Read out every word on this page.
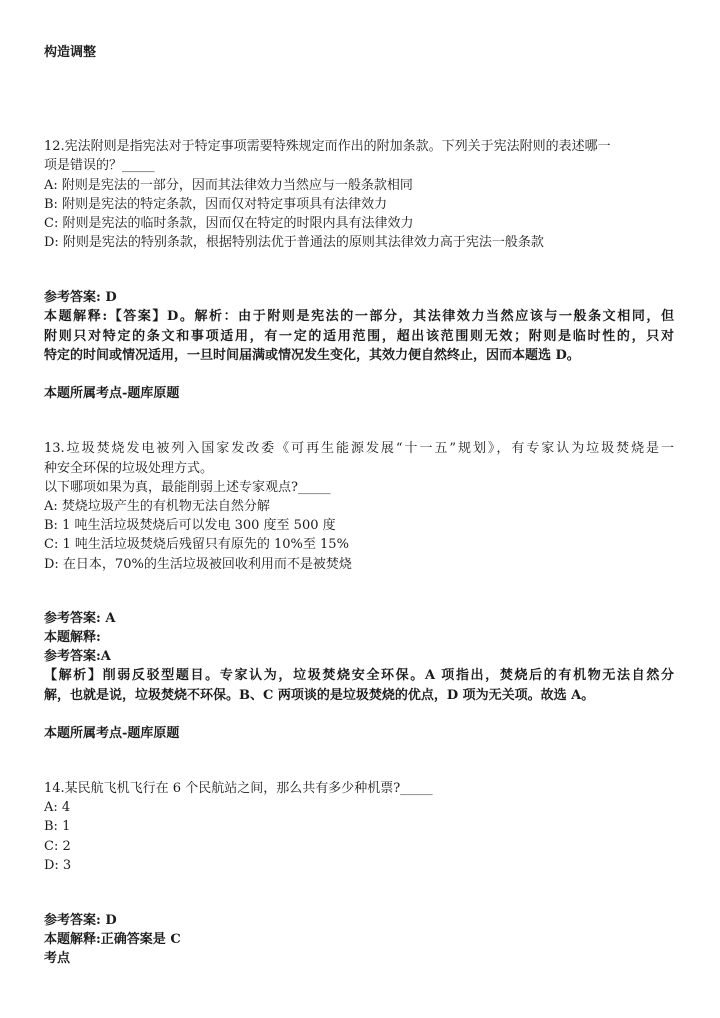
构造调整
12.宪法附则是指宪法对于特定事项需要特殊规定而作出的附加条款。下列关于宪法附则的表述哪一
项是错误的？_____
A: 附则是宪法的一部分，因而其法律效力当然应与一般条款相同
B: 附则是宪法的特定条款，因而仅对特定事项具有法律效力
C: 附则是宪法的临时条款，因而仅在特定的时限内具有法律效力
D: 附则是宪法的特别条款，根据特别法优于普通法的原则其法律效力高于宪法一般条款
参考答案: D
本题解释:【答案】D。解析：由于附则是宪法的一部分，其法律效力当然应该与一般条文相同，但
附则只对特定的条文和事项适用，有一定的适用范围，超出该范围则无效；附则是临时性的，只对
特定的时间或情况适用，一旦时间届满或情况发生变化，其效力便自然终止，因而本题选 D。
本题所属考点-题库原题
13.垃圾焚烧发电被列入国家发改委《可再生能源发展“十一五”规划》，有专家认为垃圾焚烧是一
种安全环保的垃圾处理方式。
以下哪项如果为真，最能削弱上述专家观点?_____
A: 焚烧垃圾产生的有机物无法自然分解
B: 1 吨生活垃圾焚烧后可以发电 300 度至 500 度
C: 1 吨生活垃圾焚烧后残留只有原先的 10%至 15%
D: 在日本，70%的生活垃圾被回收利用而不是被焚烧
参考答案: A
本题解释:
参考答案:A
【解析】削弱反驳型题目。专家认为，垃圾焚烧安全环保。A 项指出，焚烧后的有机物无法自然分
解，也就是说，垃圾焚烧不环保。B、C 两项谈的是垃圾焚烧的优点，D 项为无关项。故选 A。
本题所属考点-题库原题
14.某民航飞机飞行在 6 个民航站之间，那么共有多少种机票?_____
A: 4
B: 1
C: 2
D: 3
参考答案: D
本题解释:正确答案是 C
考点
